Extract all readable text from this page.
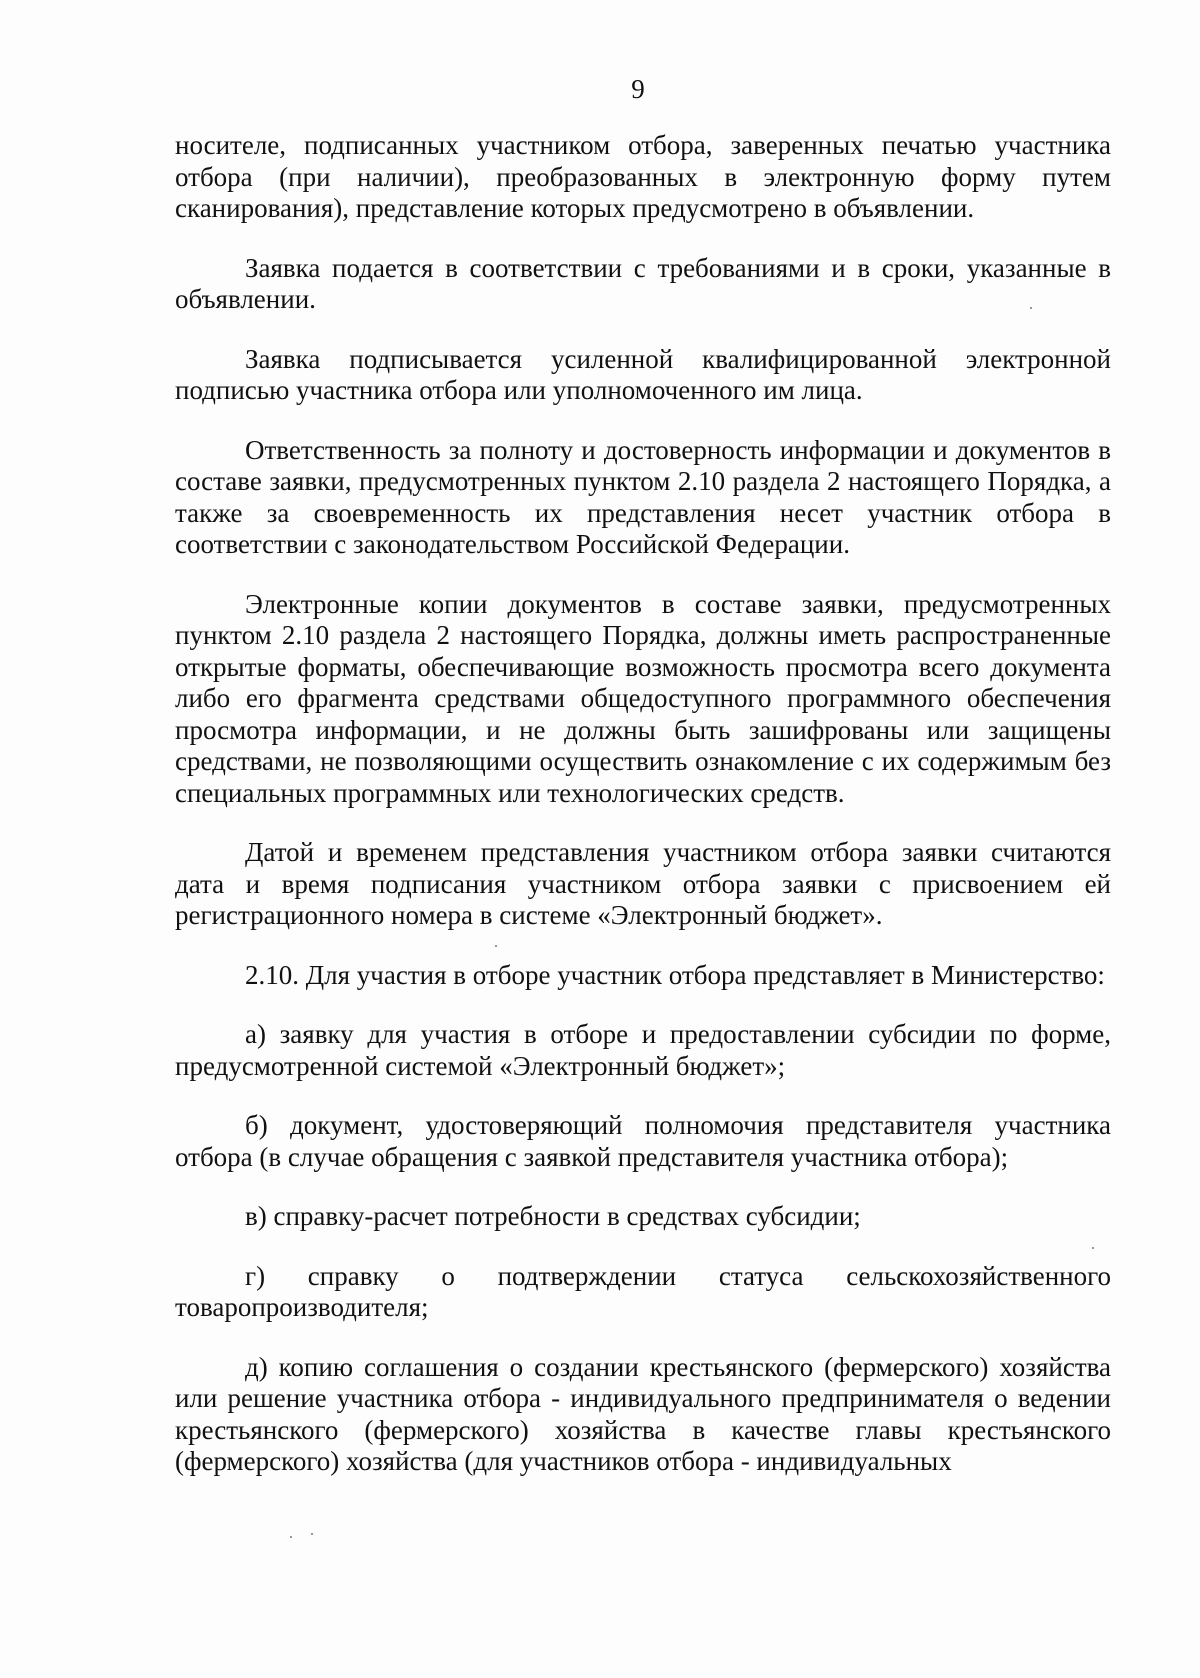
9

носителе, подписанных участником отбора, заверенных печатью участника отбора (при наличии), преобразованных в электронную форму путем сканирования), представление которых предусмотрено в объявлении.

Заявка подается в соответствии с требованиями и в сроки, указанные в объявлении.

Заявка подписывается усиленной квалифицированной электронной подписью участника отбора или уполномоченного им лица.

Ответственность за полноту и достоверность информации и документов в составе заявки, предусмотренных пунктом 2.10 раздела 2 настоящего Порядка, а также за своевременность их представления несет участник отбора в соответствии с законодательством Российской Федерации.

Электронные копии документов в составе заявки, предусмотренных пунктом 2.10 раздела 2 настоящего Порядка, должны иметь распространенные открытые форматы, обеспечивающие возможность просмотра всего документа либо его фрагмента средствами общедоступного программного обеспечения просмотра информации, и не должны быть зашифрованы или защищены средствами, не позволяющими осуществить ознакомление с их содержимым без специальных программных или технологических средств.

Датой и временем представления участником отбора заявки считаются дата и время подписания участником отбора заявки с присвоением ей регистрационного номера в системе «Электронный бюджет».

2.10. Для участия в отборе участник отбора представляет в Министерство:

а) заявку для участия в отборе и предоставлении субсидии по форме, предусмотренной системой «Электронный бюджет»;

б) документ, удостоверяющий полномочия представителя участника отбора (в случае обращения с заявкой представителя участника отбора);

в) справку-расчет потребности в средствах субсидии;

г) справку о подтверждении статуса сельскохозяйственного товаропроизводителя;

д) копию соглашения о создании крестьянского (фермерского) хозяйства или решение участника отбора - индивидуального предпринимателя о ведении крестьянского (фермерского) хозяйства в качестве главы крестьянского (фермерского) хозяйства (для участников отбора - индивидуальных
